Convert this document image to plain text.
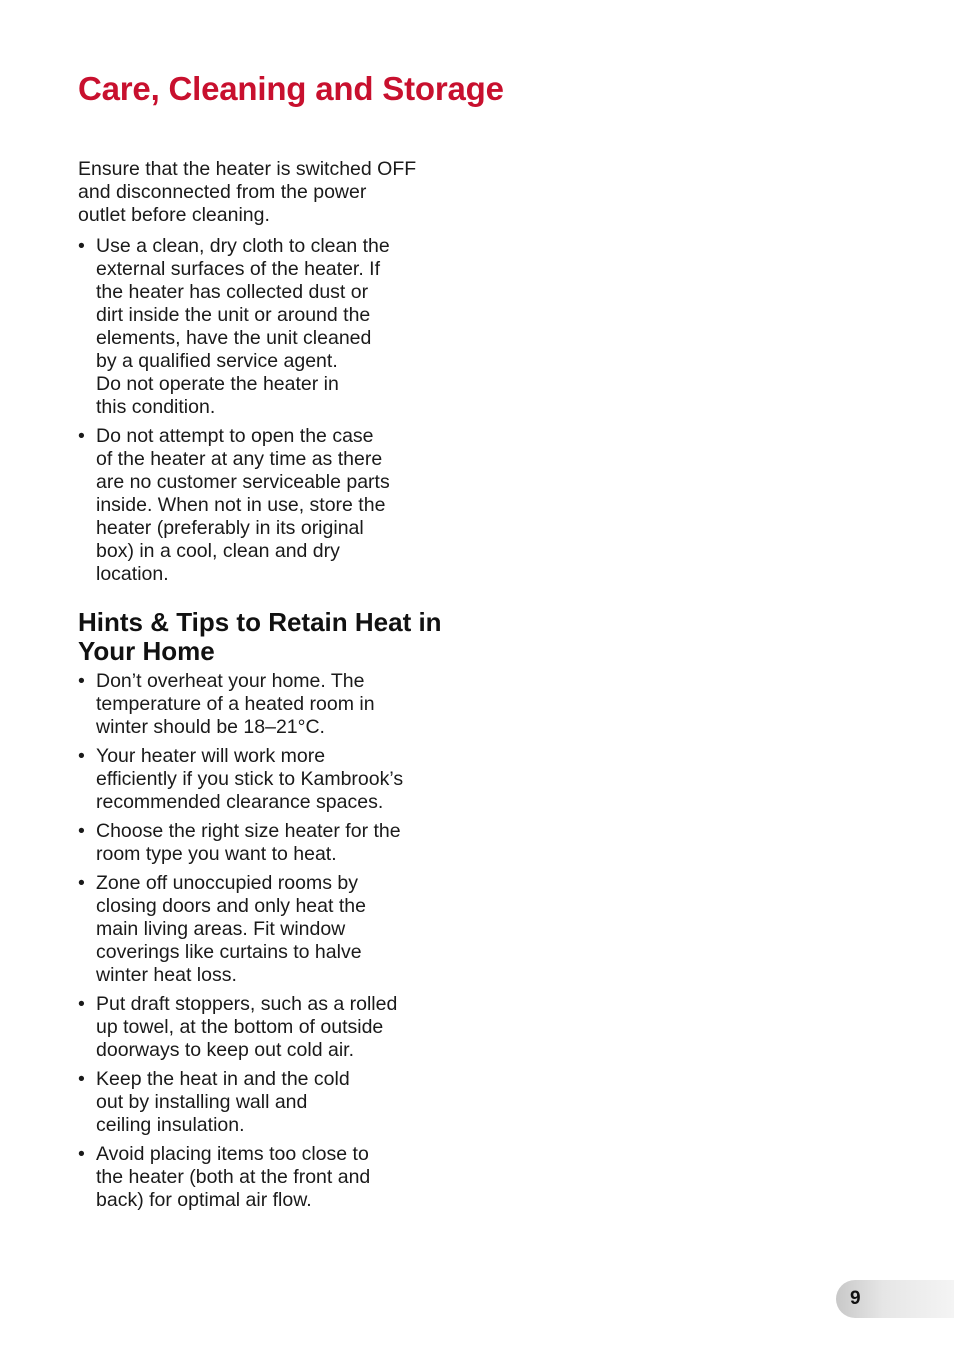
Care, Cleaning and Storage

Ensure that the heater is switched OFF
and disconnected from the power
outlet before cleaning.

• Use a clean, dry cloth to clean the
external surfaces of the heater. If
the heater has collected dust or
dirt inside the unit or around the
elements, have the unit cleaned
by a qualified service agent.
Do not operate the heater in
this condition.
• Do not attempt to open the case
of the heater at any time as there
are no customer serviceable parts
inside. When not in use, store the
heater (preferably in its original
box) in a cool, clean and dry
location.
Hints & Tips to Retain Heat in
Your Home
• Don’t overheat your home. The
temperature of a heated room in
winter should be 18–21°C.
• Your heater will work more
efficiently if you stick to Kambrook’s
recommended clearance spaces.
• Choose the right size heater for the
room type you want to heat.
• Zone off unoccupied rooms by
closing doors and only heat the
main living areas. Fit window
coverings like curtains to halve
winter heat loss.
• Put draft stoppers, such as a rolled
up towel, at the bottom of outside
doorways to keep out cold air.
• Keep the heat in and the cold
out by installing wall and
ceiling insulation.
• Avoid placing items too close to
the heater (both at the front and
back) for optimal air flow.
9
